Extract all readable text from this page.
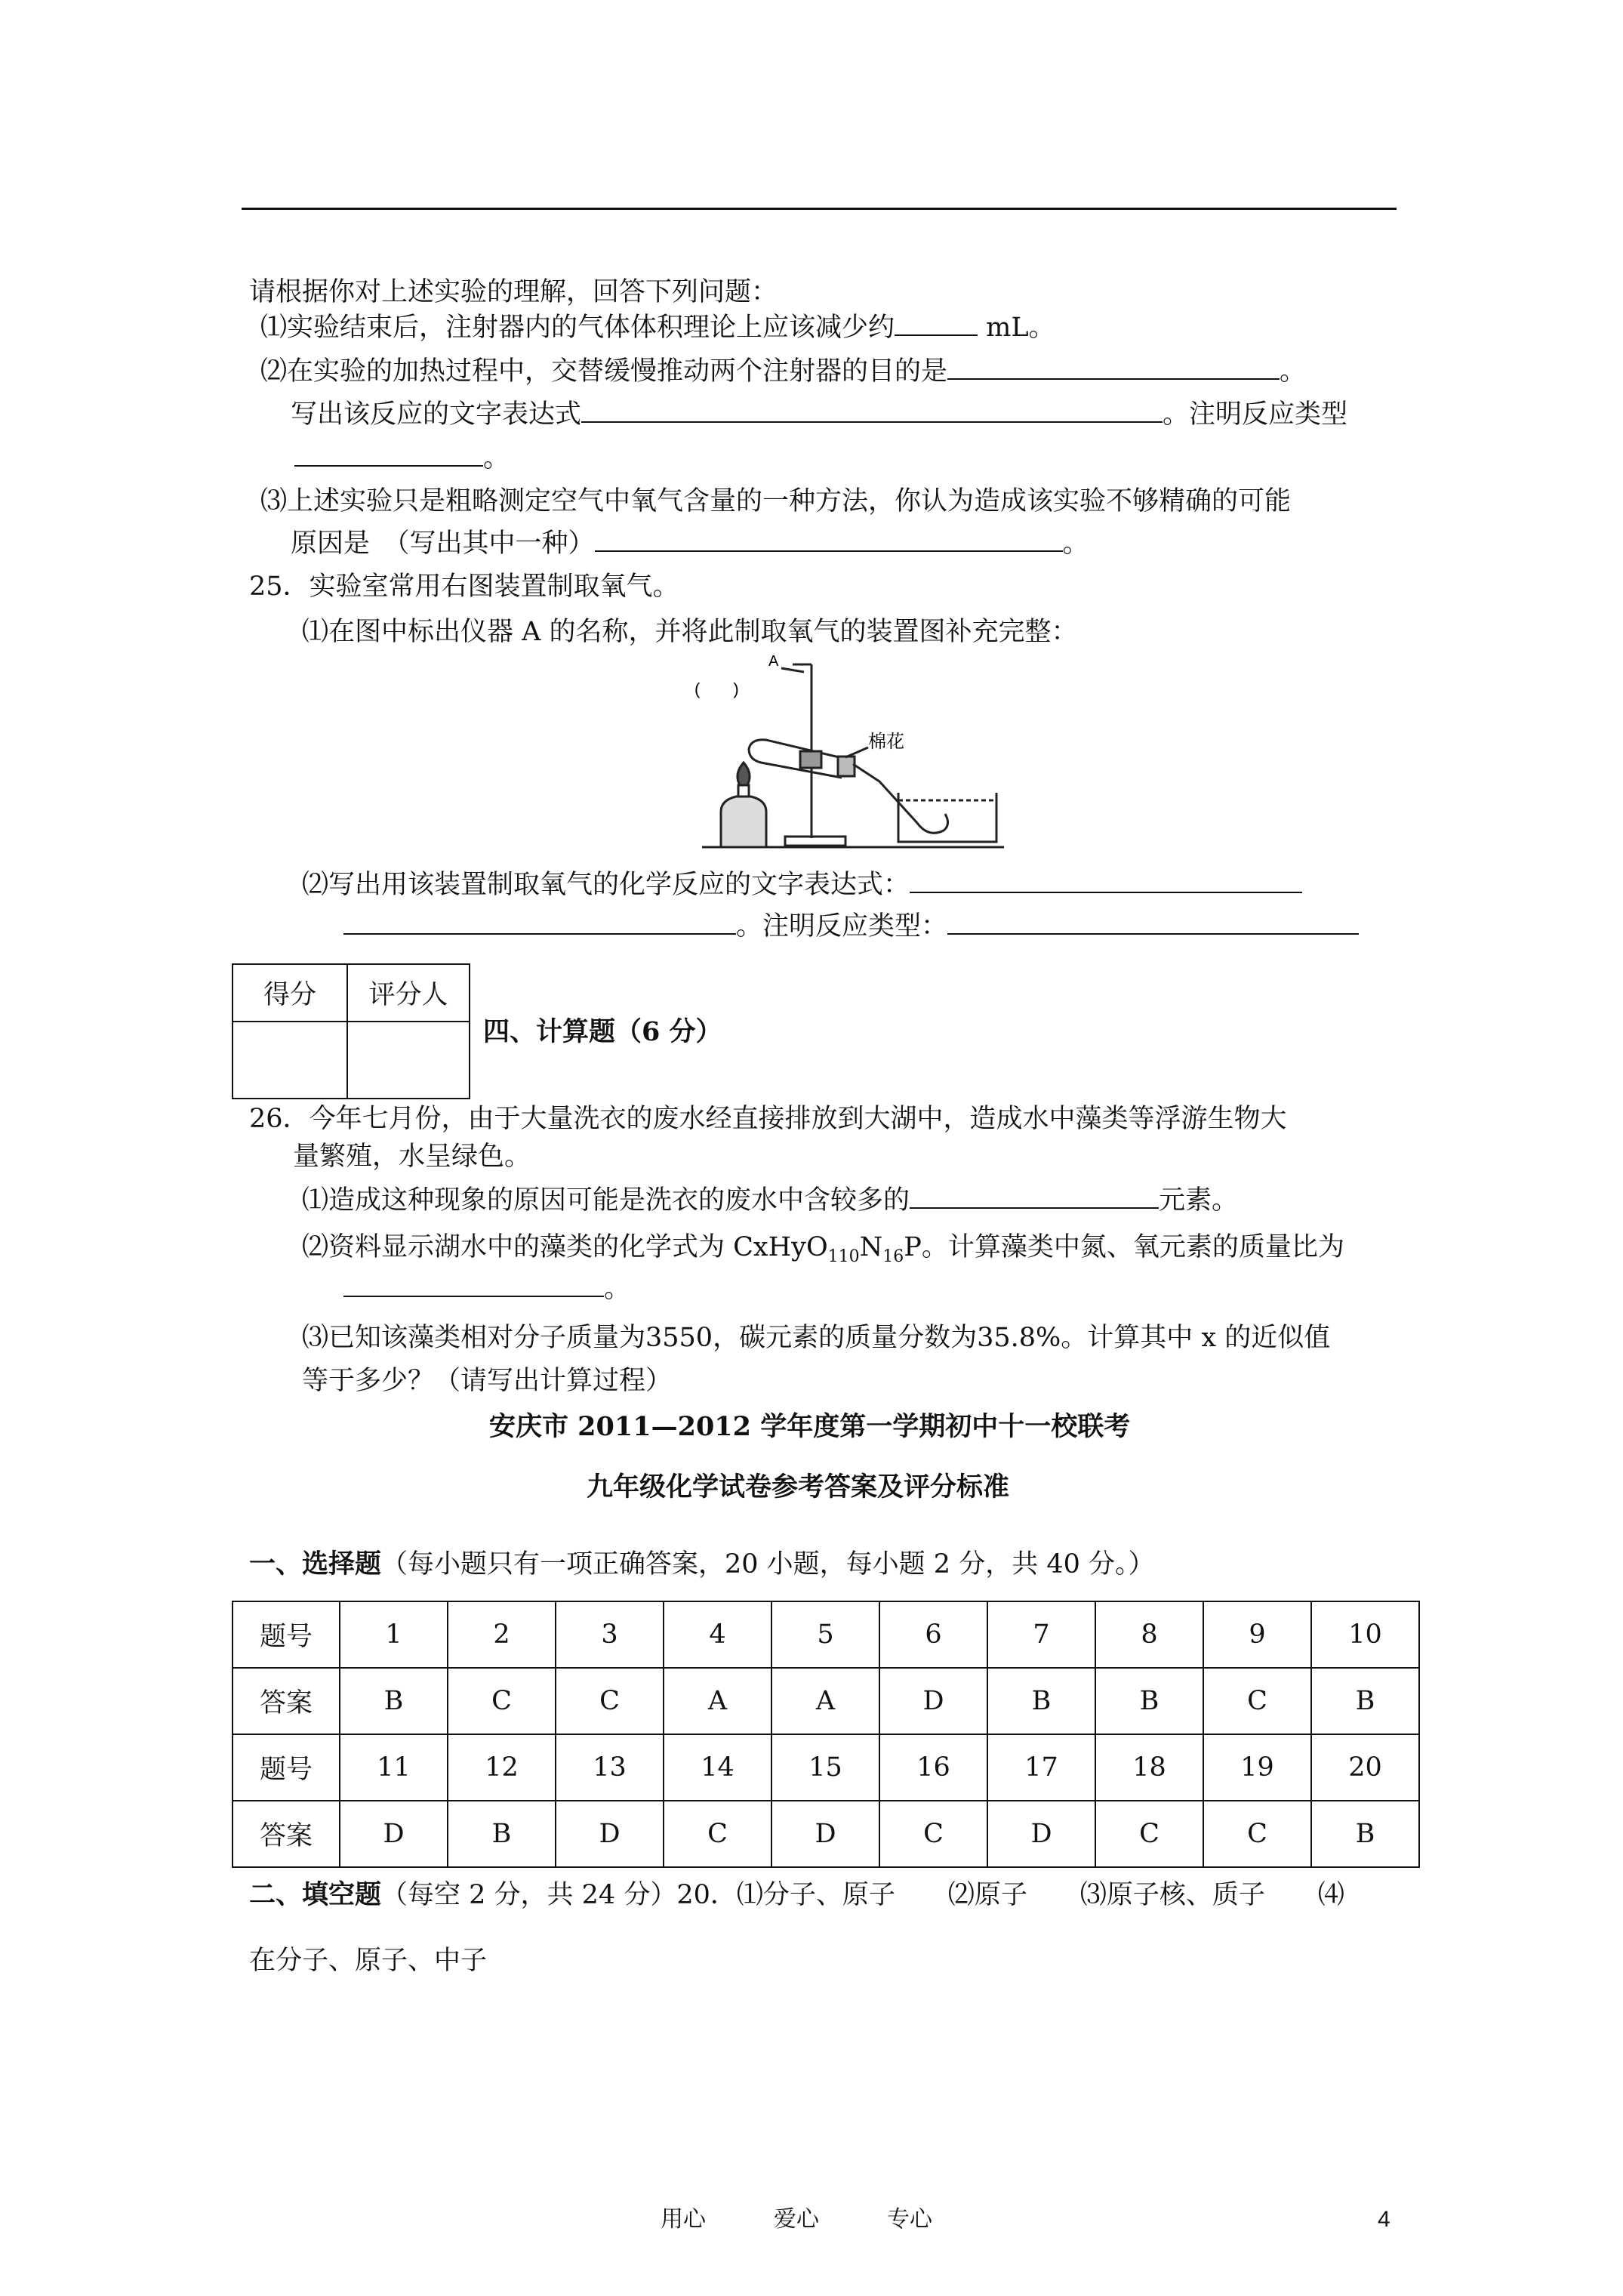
请根据你对上述实验的理解，回答下列问题：
⑴实验结束后，注射器内的气体体积理论上应该减少约	mL。
⑵在实验的加热过程中，交替缓慢推动两个注射器的目的是	。
写出该反应的文字表达式	。注明反应类型
。
⑶上述实验只是粗略测定空气中氧气含量的一种方法，你认为造成该实验不够精确的可能
原因是　（写出其中一种）	。
25．实验室常用右图装置制取氧气。
⑴在图中标出仪器 A 的名称，并将此制取氧气的装置图补充完整：
A
(　　)
棉花
⑵写出用该装置制取氧气的化学反应的文字表达式：
。注明反应类型：
得分	评分人

四、计算题（6 分）
26．今年七月份，由于大量洗衣的废水经直接排放到大湖中，造成水中藻类等浮游生物大
量繁殖，水呈绿色。
⑴造成这种现象的原因可能是洗衣的废水中含较多的	元素。
⑵资料显示湖水中的藻类的化学式为 $CxHyO_{110}N_{16}P$。计算藻类中氮、氧元素的质量比为
。
⑶已知该藻类相对分子质量为3550，碳元素的质量分数为35.8%。计算其中 x 的近似值
等于多少？（请写出计算过程）
安庆市 2011—2012 学年度第一学期初中十一校联考
九年级化学试卷参考答案及评分标准
一、选择题（每小题只有一项正确答案，20 小题，每小题 2 分，共 40 分。）
题号	1	2	3	4	5	6	7	8	9	10
答案	B	C	C	A	A	D	B	B	C	B
题号	11	12	13	14	15	16	17	18	19	20
答案	D	B	D	C	D	C	D	C	C	B
二、填空题（每空 2 分，共 24 分）20．⑴分子、原子　　⑵原子　　⑶原子核、质子　　⑷
在分子、原子、中子
用心　　　爱心　　　专心	4
